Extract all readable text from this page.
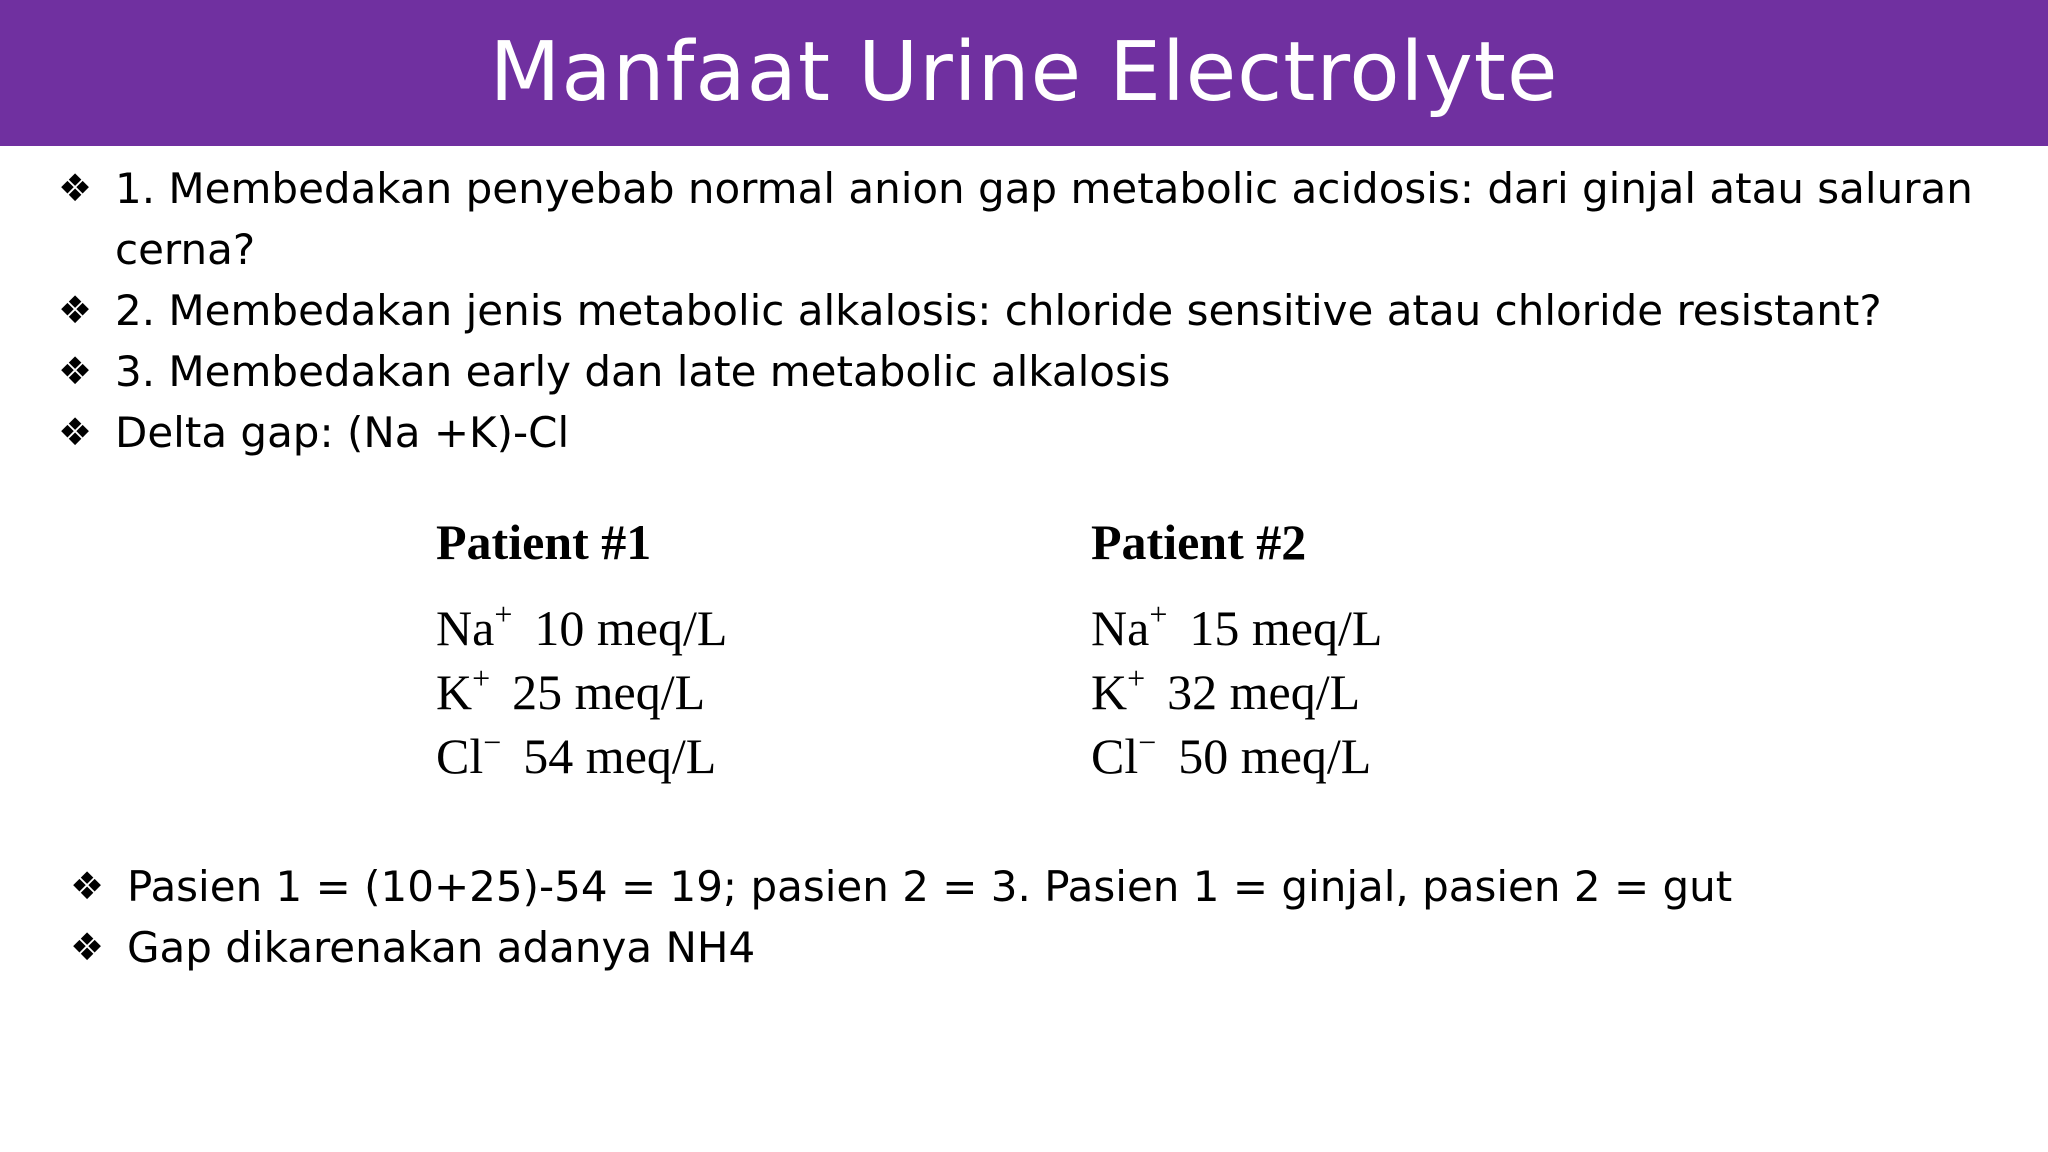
Manfaat Urine Electrolyte
❖ 1. Membedakan penyebab normal anion gap metabolic acidosis: dari ginjal atau saluran cerna?
❖ 2. Membedakan jenis metabolic alkalosis: chloride sensitive atau chloride resistant?
❖ 3. Membedakan early dan late metabolic alkalosis
❖ Delta gap: (Na +K)-Cl
Patient #1
Na+ 10 meq/L
K+ 25 meq/L
Cl− 54 meq/L
Patient #2
Na+ 15 meq/L
K+ 32 meq/L
Cl− 50 meq/L
❖ Pasien 1 = (10+25)-54 = 19; pasien 2 = 3. Pasien 1 = ginjal, pasien 2 = gut
❖ Gap dikarenakan adanya NH4
